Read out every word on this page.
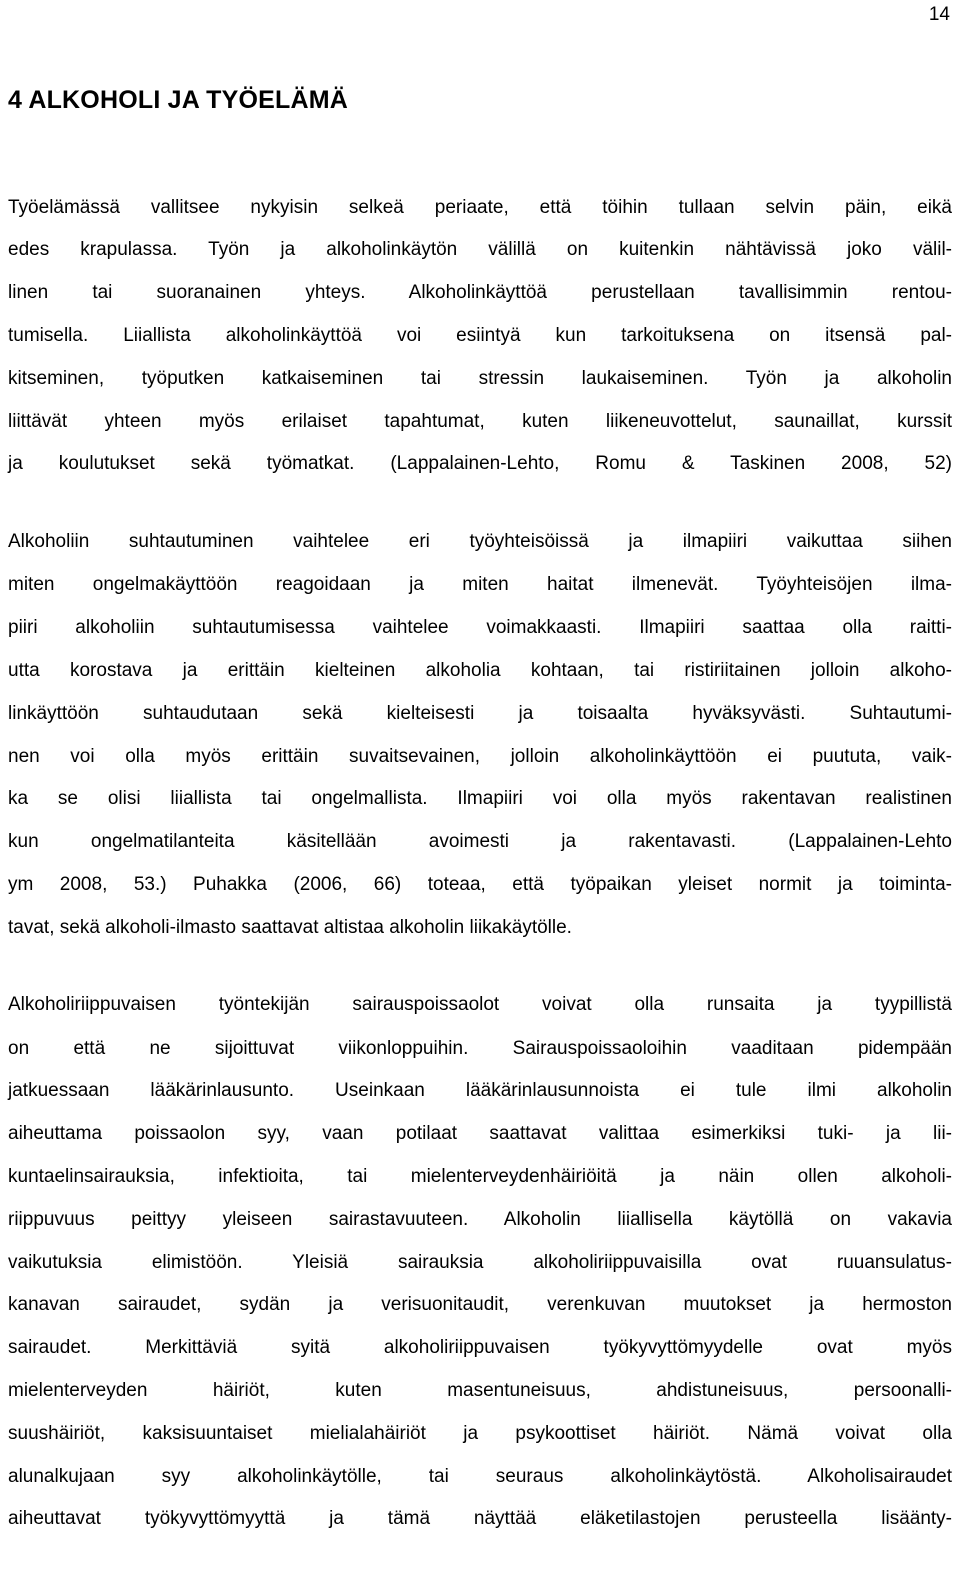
14
4 ALKOHOLI JA TYÖELÄMÄ
Työelämässä vallitsee nykyisin selkeä periaate, että töihin tullaan selvin päin, eikä
edes krapulassa. Työn ja alkoholinkäytön välillä on kuitenkin nähtävissä joko välil-
linen tai suoranainen yhteys. Alkoholinkäyttöä perustellaan tavallisimmin rentou-
tumisella. Liiallista alkoholinkäyttöä voi esiintyä kun tarkoituksena on itsensä pal-
kitseminen, työputken katkaiseminen tai stressin laukaiseminen. Työn ja alkoholin
liittävät yhteen myös erilaiset tapahtumat, kuten liikeneuvottelut, saunaillat, kurssit
ja koulutukset sekä työmatkat. (Lappalainen-Lehto, Romu & Taskinen 2008, 52)
Alkoholiin suhtautuminen vaihtelee eri työyhteisöissä ja ilmapiiri vaikuttaa siihen
miten ongelmakäyttöön reagoidaan ja miten haitat ilmenevät. Työyhteisöjen ilma-
piiri alkoholiin suhtautumisessa vaihtelee voimakkaasti. Ilmapiiri saattaa olla raitti-
utta korostava ja erittäin kielteinen alkoholia kohtaan, tai ristiriitainen jolloin alkoho-
linkäyttöön suhtaudutaan sekä kielteisesti ja toisaalta hyväksyvästi. Suhtautumi-
nen voi olla myös erittäin suvaitsevainen, jolloin alkoholinkäyttöön ei puututa, vaik-
ka se olisi liiallista tai ongelmallista. Ilmapiiri voi olla myös rakentavan realistinen
kun ongelmatilanteita käsitellään avoimesti ja rakentavasti. (Lappalainen-Lehto
ym 2008, 53.) Puhakka (2006, 66) toteaa, että työpaikan yleiset normit ja toiminta-
tavat, sekä alkoholi-ilmasto saattavat altistaa alkoholin liikakäytölle.
Alkoholiriippuvaisen työntekijän sairauspoissaolot voivat olla runsaita ja tyypillistä
on että ne sijoittuvat viikonloppuihin. Sairauspoissaoloihin vaaditaan pidempään
jatkuessaan lääkärinlausunto. Useinkaan lääkärinlausunnoista ei tule ilmi alkoholin
aiheuttama poissaolon syy, vaan potilaat saattavat valittaa esimerkiksi tuki- ja lii-
kuntaelinsairauksia, infektioita, tai mielenterveydenhäiriöitä ja näin ollen alkoholi-
riippuvuus peittyy yleiseen sairastavuuteen. Alkoholin liiallisella käytöllä on vakavia
vaikutuksia elimistöön. Yleisiä sairauksia alkoholiriippuvaisilla ovat ruuansulatus-
kanavan sairaudet, sydän ja verisuonitaudit, verenkuvan muutokset ja hermoston
sairaudet. Merkittäviä syitä alkoholiriippuvaisen työkyvyttömyydelle ovat myös
mielenterveyden häiriöt, kuten masentuneisuus, ahdistuneisuus, persoonalli-
suushäiriöt, kaksisuuntaiset mielialahäiriöt ja psykoottiset häiriöt. Nämä voivat olla
alunalkujaan syy alkoholinkäytölle, tai seuraus alkoholinkäytöstä. Alkoholisairaudet
aiheuttavat työkyvyttömyyttä ja tämä näyttää eläketilastojen perusteella lisäänty-
